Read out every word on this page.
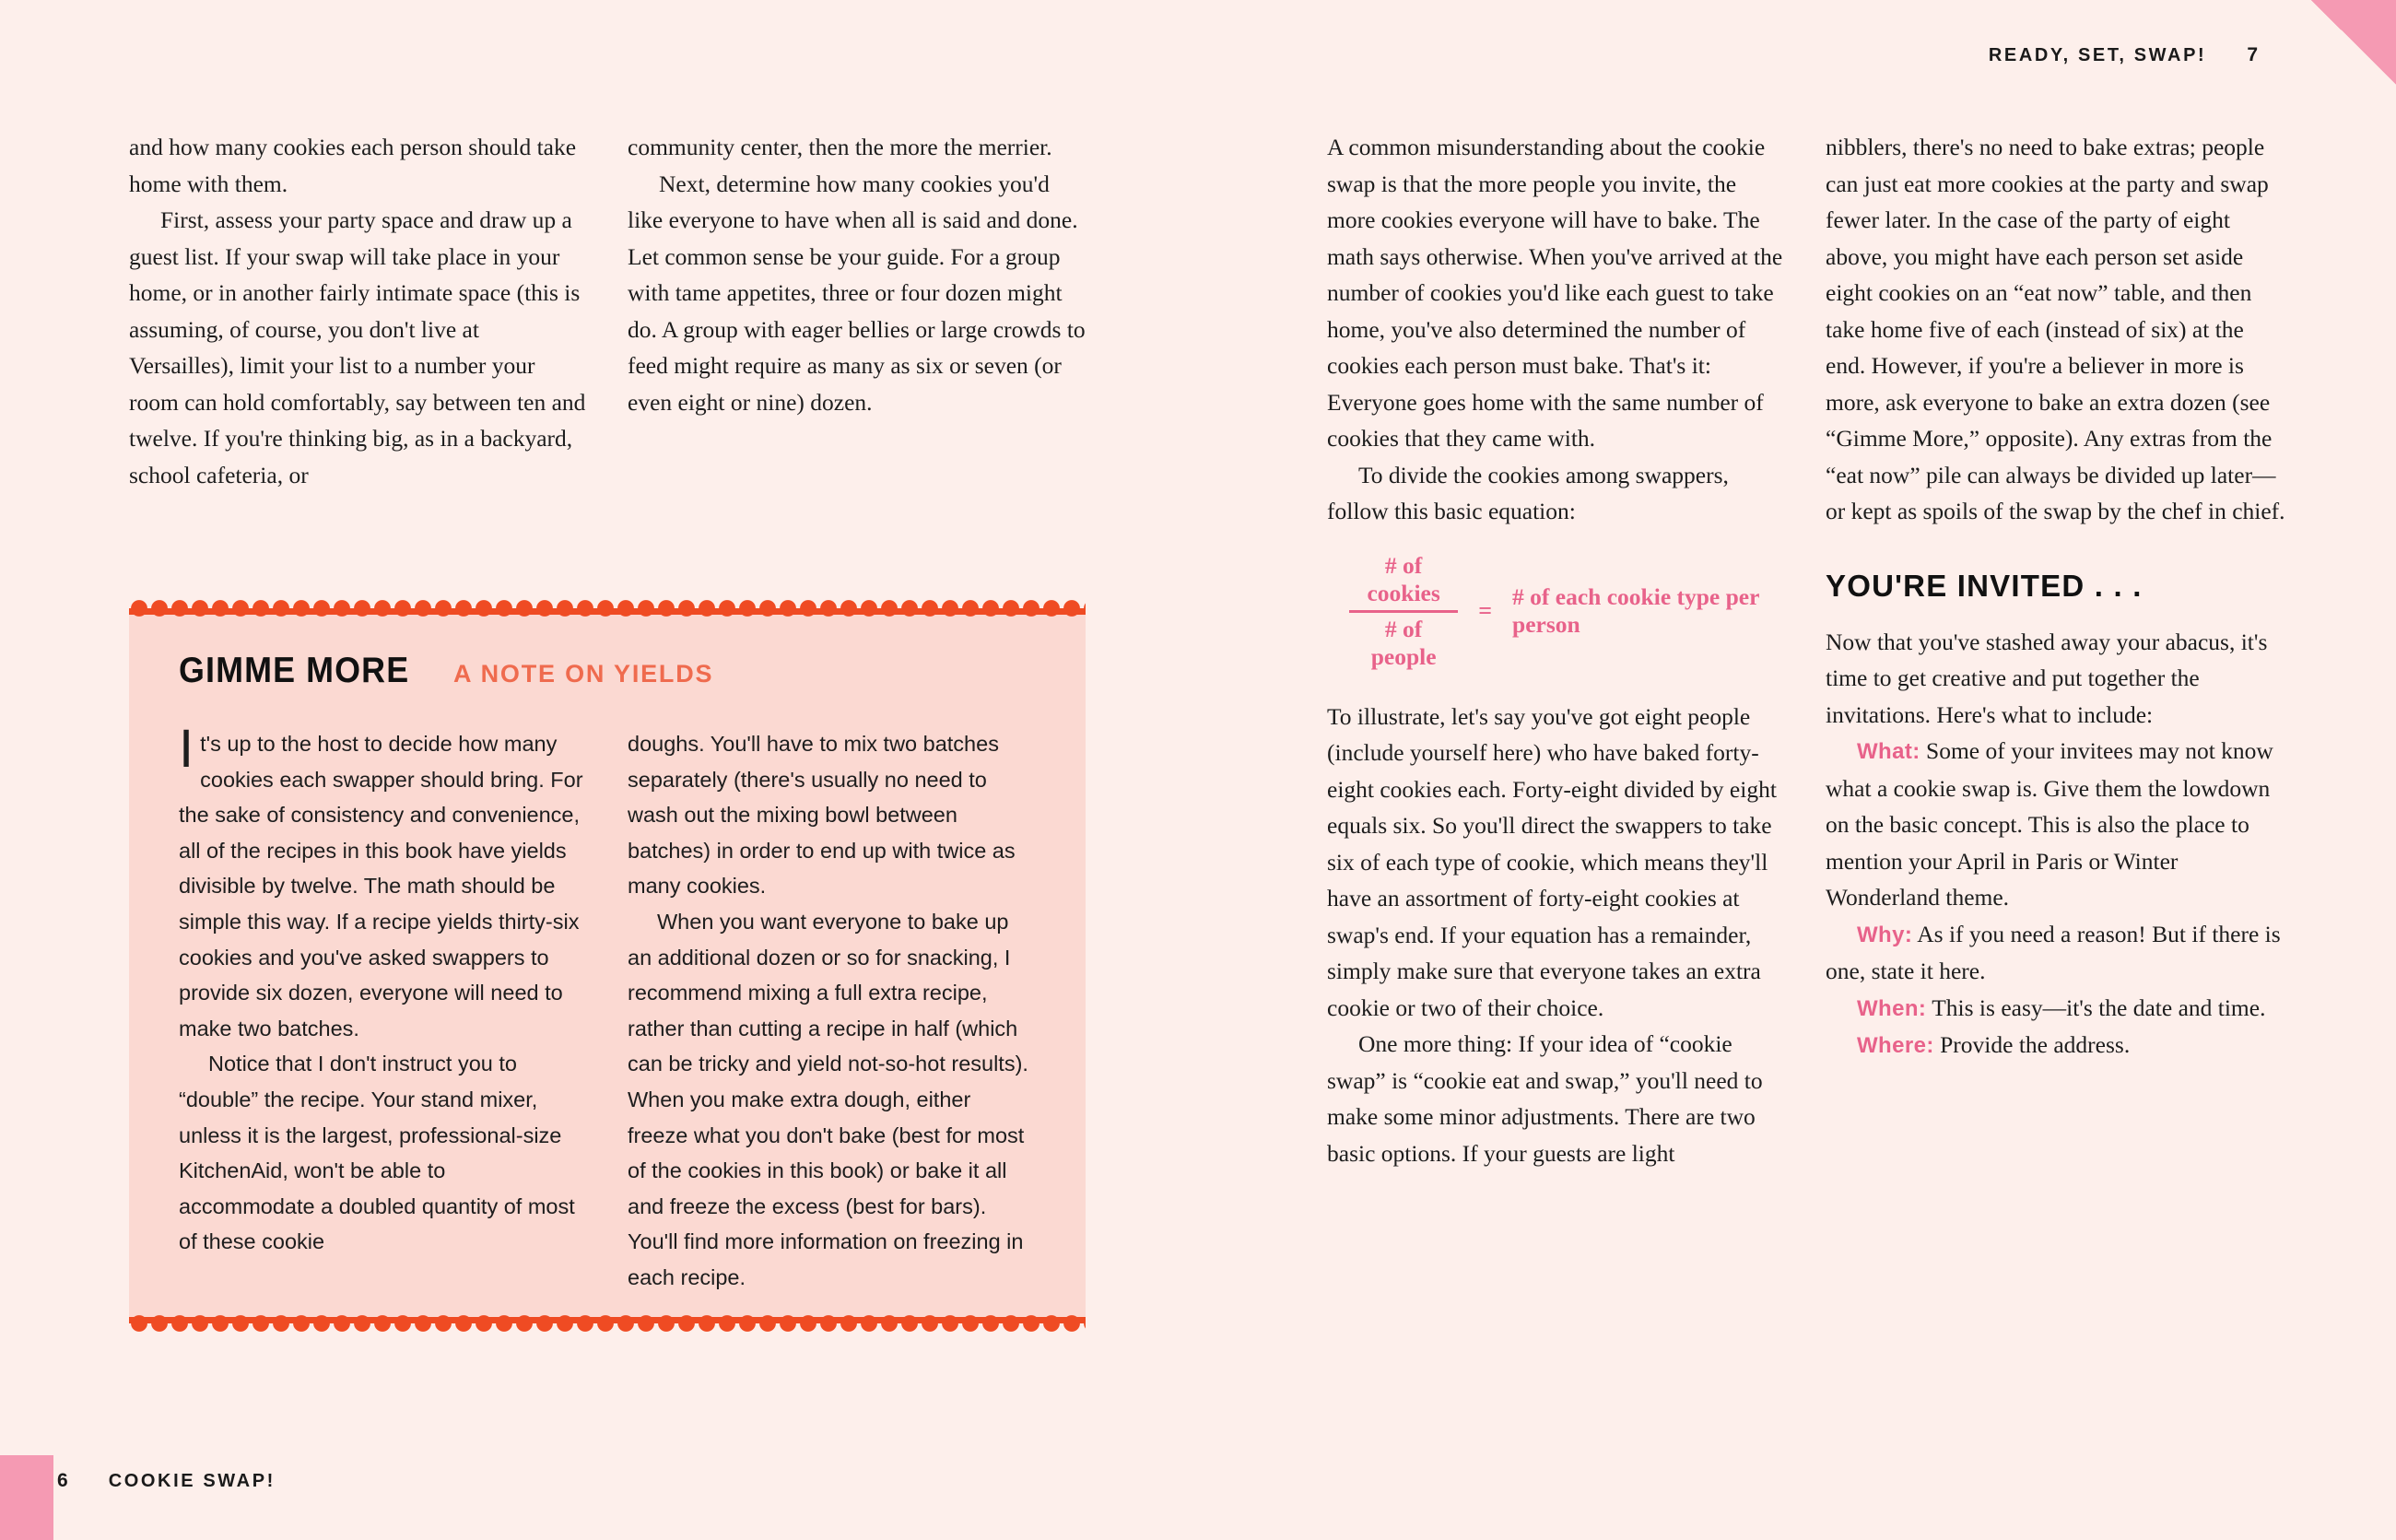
READY, SET, SWAP! 7
6 COOKIE SWAP!

and how many cookies each person should take home with them.

First, assess your party space and draw up a guest list. If your swap will take place in your home, or in another fairly intimate space (this is assuming, of course, you don't live at Versailles), limit your list to a number your room can hold comfortably, say between ten and twelve. If you're thinking big, as in a backyard, school cafeteria, or

community center, then the more the merrier.

Next, determine how many cookies you'd like everyone to have when all is said and done. Let common sense be your guide. For a group with tame appetites, three or four dozen might do. A group with eager bellies or large crowds to feed might require as many as six or seven (or even eight or nine) dozen.

GIMME MORE A NOTE ON YIELDS

It's up to the host to decide how many cookies each swapper should bring. For the sake of consistency and convenience, all of the recipes in this book have yields divisible by twelve. The math should be simple this way. If a recipe yields thirty-six cookies and you've asked swappers to provide six dozen, everyone will need to make two batches.

Notice that I don't instruct you to “double” the recipe. Your stand mixer, unless it is the largest, professional-size KitchenAid, won't be able to accommodate a doubled quantity of most of these cookie

doughs. You'll have to mix two batches separately (there's usually no need to wash out the mixing bowl between batches) in order to end up with twice as many cookies.

When you want everyone to bake up an additional dozen or so for snacking, I recommend mixing a full extra recipe, rather than cutting a recipe in half (which can be tricky and yield not-so-hot results). When you make extra dough, either freeze what you don't bake (best for most of the cookies in this book) or bake it all and freeze the excess (best for bars). You'll find more information on freezing in each recipe.

A common misunderstanding about the cookie swap is that the more people you invite, the more cookies everyone will have to bake. The math says otherwise. When you've arrived at the number of cookies you'd like each guest to take home, you've also determined the number of cookies each person must bake. That's it: Everyone goes home with the same number of cookies that they came with.

To divide the cookies among swappers, follow this basic equation:

$\frac{\text{\# of cookies}}{\text{\# of people}}$ =
# of each cookie type per person

To illustrate, let's say you've got eight people (include yourself here) who have baked forty-eight cookies each. Forty-eight divided by eight equals six. So you'll direct the swappers to take six of each type of cookie, which means they'll have an assortment of forty-eight cookies at swap's end. If your equation has a remainder, simply make sure that everyone takes an extra cookie or two of their choice.

One more thing: If your idea of “cookie swap” is “cookie eat and swap,” you'll need to make some minor adjustments. There are two basic options. If your guests are light

nibblers, there's no need to bake extras; people can just eat more cookies at the party and swap fewer later. In the case of the party of eight above, you might have each person set aside eight cookies on an “eat now” table, and then take home five of each (instead of six) at the end. However, if you're a believer in more is more, ask everyone to bake an extra dozen (see “Gimme More,” opposite). Any extras from the “eat now” pile can always be divided up later—or kept as spoils of the swap by the chef in chief.

YOU'RE INVITED . . .

Now that you've stashed away your abacus, it's time to get creative and put together the invitations. Here's what to include:

What: Some of your invitees may not know what a cookie swap is. Give them the lowdown on the basic concept. This is also the place to mention your April in Paris or Winter Wonderland theme.

Why: As if you need a reason! But if there is one, state it here.

When: This is easy—it's the date and time.

Where: Provide the address.
